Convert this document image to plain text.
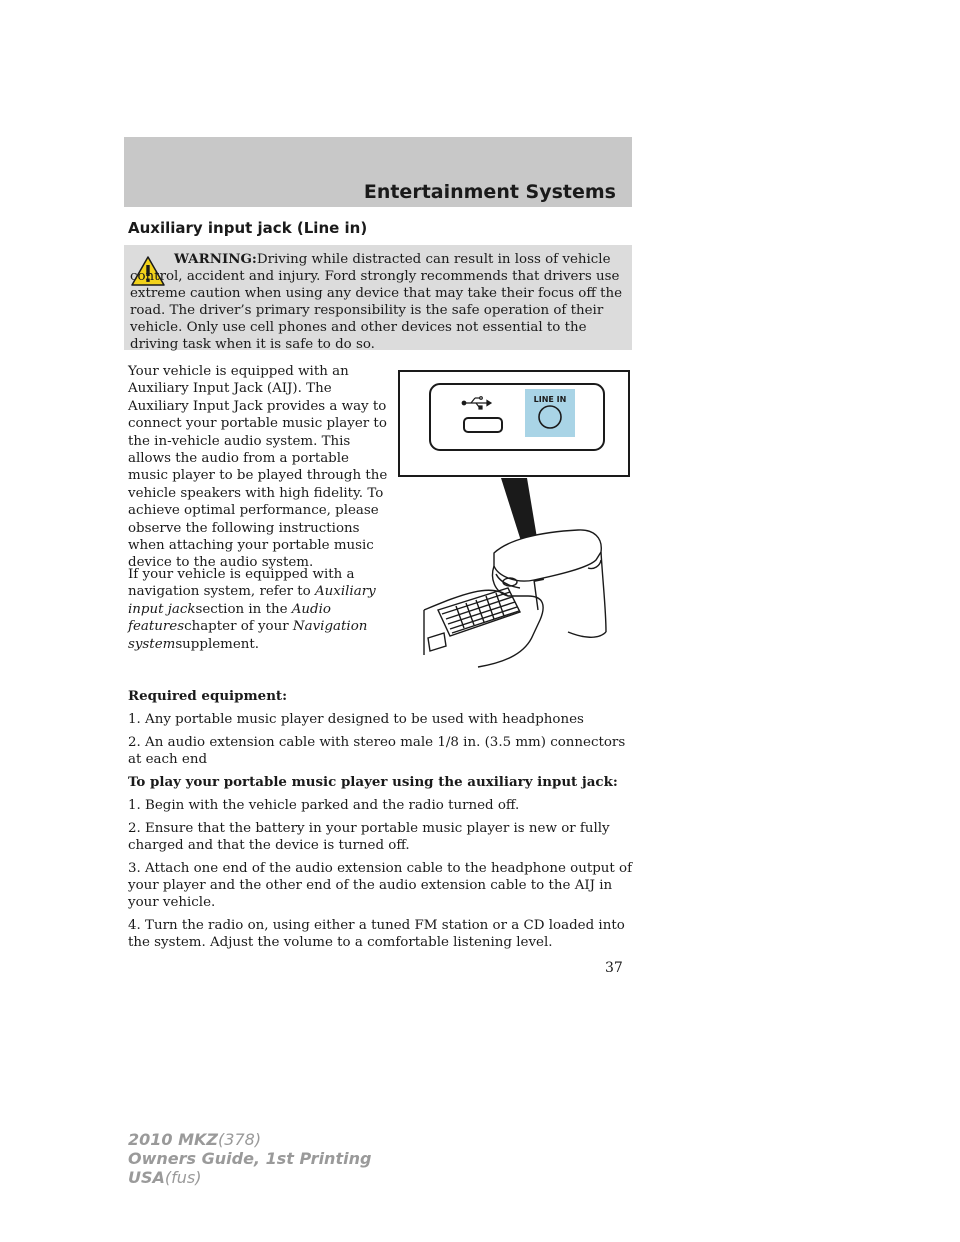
Entertainment Systems
Auxiliary input jack (Line in)

WARNING:Driving while distracted can result in loss of vehicle control, accident and injury. Ford strongly recommends that drivers use extreme caution when using any device that may take their focus off the road. The driver’s primary responsibility is the safe operation of their vehicle. Only use cell phones and other devices not essential to the driving task when it is safe to do so.

Your vehicle is equipped with an Auxiliary Input Jack (AIJ). The Auxiliary Input Jack provides a way to connect your portable music player to the in-vehicle audio system. This allows the audio from a portable music player to be played through the vehicle speakers with high fidelity. To achieve optimal performance, please observe the following instructions when attaching your portable music device to the audio system.

If your vehicle is equipped with a navigation system, refer to Auxiliary input jacksection in the Audio featureschapter of your Navigation systemsupplement.

LINE IN

Required equipment:

1. Any portable music player designed to be used with headphones

2. An audio extension cable with stereo male 1/8 in. (3.5 mm) connectors at each end

To play your portable music player using the auxiliary input jack:

1. Begin with the vehicle parked and the radio turned off.

2. Ensure that the battery in your portable music player is new or fully charged and that the device is turned off.

3. Attach one end of the audio extension cable to the headphone output of your player and the other end of the audio extension cable to the AIJ in your vehicle.

4. Turn the radio on, using either a tuned FM station or a CD loaded into the system. Adjust the volume to a comfortable listening level.

37

2010 MKZ(378)
Owners Guide, 1st Printing
USA(fus)
